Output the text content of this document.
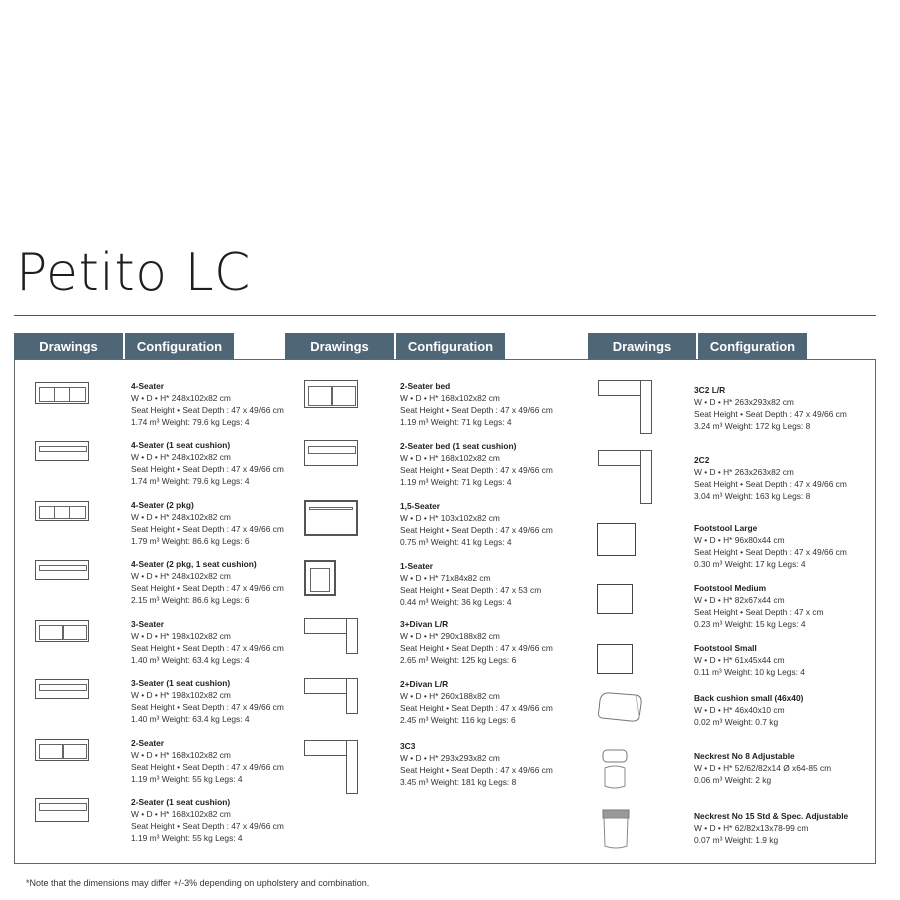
Petito LC
Drawings	Configuration	Drawings	Configuration	Drawings	Configuration
4-Seater
W • D • H* 248x102x82 cm
Seat Height • Seat Depth : 47 x 49/66 cm
1.74 m³ Weight: 79.6 kg Legs: 4
4-Seater (1 seat cushion)
W • D • H* 248x102x82 cm
Seat Height • Seat Depth : 47 x 49/66 cm
1.74 m³ Weight: 79.6 kg Legs: 4
4-Seater (2 pkg)
W • D • H* 248x102x82 cm
Seat Height • Seat Depth : 47 x 49/66 cm
1.79 m³ Weight: 86.6 kg Legs: 6
4-Seater (2 pkg, 1 seat cushion)
W • D • H* 248x102x82 cm
Seat Height • Seat Depth : 47 x 49/66 cm
2.15 m³ Weight: 86.6 kg Legs: 6
3-Seater
W • D • H* 198x102x82 cm
Seat Height • Seat Depth : 47 x 49/66 cm
1.40 m³ Weight: 63.4 kg Legs: 4
3-Seater (1 seat cushion)
W • D • H* 198x102x82 cm
Seat Height • Seat Depth : 47 x 49/66 cm
1.40 m³ Weight: 63.4 kg Legs: 4
2-Seater
W • D • H* 168x102x82 cm
Seat Height • Seat Depth : 47 x 49/66 cm
1.19 m³ Weight: 55 kg Legs: 4
2-Seater (1 seat cushion)
W • D • H* 168x102x82 cm
Seat Height • Seat Depth : 47 x 49/66 cm
1.19 m³ Weight: 55 kg Legs: 4
2-Seater bed
W • D • H* 168x102x82 cm
Seat Height • Seat Depth : 47 x 49/66 cm
1.19 m³ Weight: 71 kg Legs: 4
2-Seater bed (1 seat cushion)
W • D • H* 168x102x82 cm
Seat Height • Seat Depth : 47 x 49/66 cm
1.19 m³ Weight: 71 kg Legs: 4
1,5-Seater
W • D • H* 103x102x82 cm
Seat Height • Seat Depth : 47 x 49/66 cm
0.75 m³ Weight: 41 kg Legs: 4
1-Seater
W • D • H* 71x84x82 cm
Seat Height • Seat Depth : 47 x 53 cm
0.44 m³ Weight: 36 kg Legs: 4
3+Divan L/R
W • D • H* 290x188x82 cm
Seat Height • Seat Depth : 47 x 49/66 cm
2.65 m³ Weight: 125 kg Legs: 6
2+Divan L/R
W • D • H* 260x188x82 cm
Seat Height • Seat Depth : 47 x 49/66 cm
2.45 m³ Weight: 116 kg Legs: 6
3C3
W • D • H* 293x293x82 cm
Seat Height • Seat Depth : 47 x 49/66 cm
3.45 m³ Weight: 181 kg Legs: 8
3C2 L/R
W • D • H* 263x293x82 cm
Seat Height • Seat Depth : 47 x 49/66 cm
3.24 m³ Weight: 172 kg Legs: 8
2C2
W • D • H* 263x263x82 cm
Seat Height • Seat Depth : 47 x 49/66 cm
3.04 m³ Weight: 163 kg Legs: 8
Footstool Large
W • D • H* 96x80x44 cm
Seat Height • Seat Depth : 47 x 49/66 cm
0.30 m³ Weight: 17 kg Legs: 4
Footstool Medium
W • D • H* 82x67x44 cm
Seat Height • Seat Depth : 47 x cm
0.23 m³ Weight: 15 kg Legs: 4
Footstool Small
W • D • H* 61x45x44 cm
0.11 m³ Weight: 10 kg Legs: 4
Back cushion small (46x40)
W • D • H* 46x40x10 cm
0.02 m³ Weight: 0.7 kg
Neckrest No 8 Adjustable
W • D • H* 52/62/82x14 Ø x64-85 cm
0.06 m³ Weight: 2 kg
Neckrest No 15 Std & Spec. Adjustable
W • D • H* 62/82x13x78-99 cm
0.07 m³ Weight: 1.9 kg
*Note that the dimensions may differ +/-3% depending on upholstery and combination.
